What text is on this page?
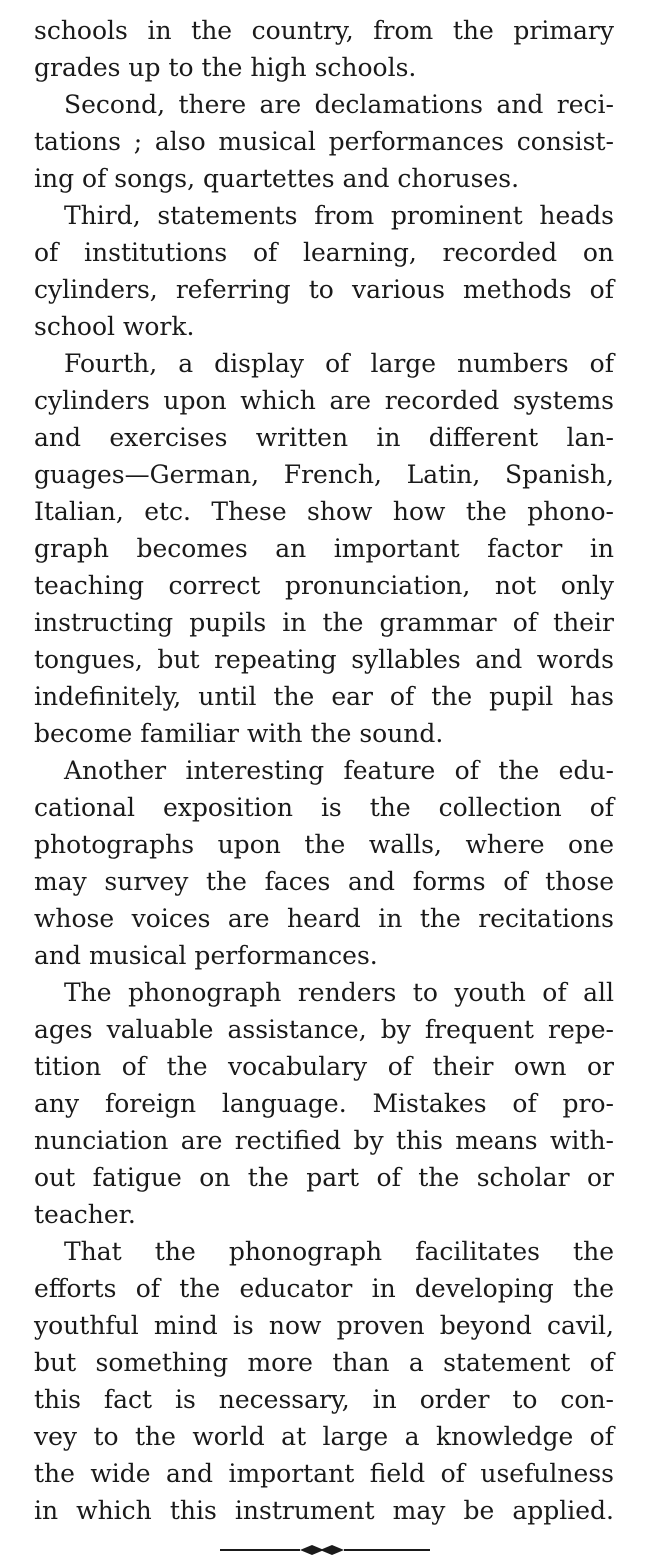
schools in the country, from the primary
grades up to the high schools.
Second, there are declamations and reci-
tations ; also musical performances consist-
ing of songs, quartettes and choruses.
Third, statements from prominent heads
of institutions of learning, recorded on
cylinders, referring to various methods of
school work.
Fourth, a display of large numbers of
cylinders upon which are recorded systems
and exercises written in different lan-
guages—German, French, Latin, Spanish,
Italian, etc. These show how the phono-
graph becomes an important factor in
teaching correct pronunciation, not only
instructing pupils in the grammar of their
tongues, but repeating syllables and words
indefinitely, until the ear of the pupil has
become familiar with the sound.
Another interesting feature of the edu-
cational exposition is the collection of
photographs upon the walls, where one
may survey the faces and forms of those
whose voices are heard in the recitations
and musical performances.
The phonograph renders to youth of all
ages valuable assistance, by frequent repe-
tition of the vocabulary of their own or
any foreign language. Mistakes of pro-
nunciation are rectified by this means with-
out fatigue on the part of the scholar or
teacher.
That the phonograph facilitates the
efforts of the educator in developing the
youthful mind is now proven beyond cavil,
but something more than a statement of
this fact is necessary, in order to con-
vey to the world at large a knowledge of
the wide and important field of usefulness
in which this instrument may be applied.
